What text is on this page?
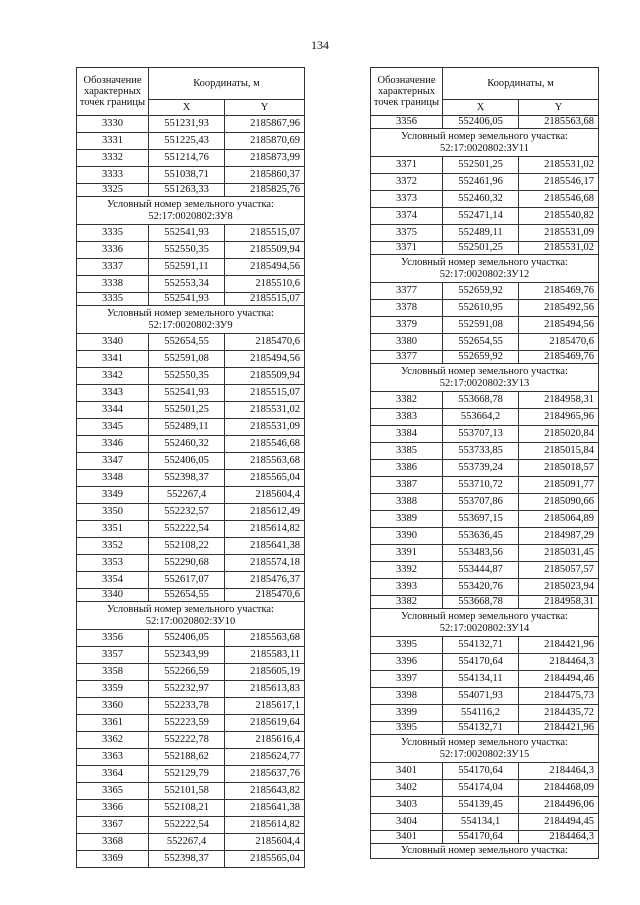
134
Обозначение характерных точек границы	Координаты, м	
	X	Y
3330	551231,93	2185867,96
3331	551225,43	2185870,69
3332	551214,76	2185873,99
3333	551038,71	2185860,37
3325	551263,33	2185825,76
Условный номер земельного участка: 52:17:0020802:ЗУ8		
3335	552541,93	2185515,07
3336	552550,35	2185509,94
3337	552591,11	2185494,56
3338	552553,34	2185510,6
3335	552541,93	2185515,07
Условный номер земельного участка: 52:17:0020802:ЗУ9		
3340	552654,55	2185470,6
3341	552591,08	2185494,56
3342	552550,35	2185509,94
3343	552541,93	2185515,07
3344	552501,25	2185531,02
3345	552489,11	2185531,09
3346	552460,32	2185546,68
3347	552406,05	2185563,68
3348	552398,37	2185565,04
3349	552267,4	2185604,4
3350	552232,57	2185612,49
3351	552222,54	2185614,82
3352	552108,22	2185641,38
3353	552290,68	2185574,18
3354	552617,07	2185476,37
3340	552654,55	2185470,6
Условный номер земельного участка: 52:17:0020802:ЗУ10		
3356	552406,05	2185563,68
3357	552343,99	2185583,11
3358	552266,59	2185605,19
3359	552232,97	2185613,83
3360	552233,78	2185617,1
3361	552223,59	2185619,64
3362	552222,78	2185616,4
3363	552188,62	2185624,77
3364	552129,79	2185637,76
3365	552101,58	2185643,82
3366	552108,21	2185641,38
3367	552222,54	2185614,82
3368	552267,4	2185604,4
3369	552398,37	2185565,04
Обозначение характерных точек границы	Координаты, м	
	X	Y
3356	552406,05	2185563,68
Условный номер земельного участка: 52:17:0020802:ЗУ11		
3371	552501,25	2185531,02
3372	552461,96	2185546,17
3373	552460,32	2185546,68
3374	552471,14	2185540,82
3375	552489,11	2185531,09
3371	552501,25	2185531,02
Условный номер земельного участка: 52:17:0020802:ЗУ12		
3377	552659,92	2185469,76
3378	552610,95	2185492,56
3379	552591,08	2185494,56
3380	552654,55	2185470,6
3377	552659,92	2185469,76
Условный номер земельного участка: 52:17:0020802:ЗУ13		
3382	553668,78	2184958,31
3383	553664,2	2184965,96
3384	553707,13	2185020,84
3385	553733,85	2185015,84
3386	553739,24	2185018,57
3387	553710,72	2185091,77
3388	553707,86	2185090,66
3389	553697,15	2185064,89
3390	553636,45	2184987,29
3391	553483,56	2185031,45
3392	553444,87	2185057,57
3393	553420,76	2185023,94
3382	553668,78	2184958,31
Условный номер земельного участка: 52:17:0020802:ЗУ14		
3395	554132,71	2184421,96
3396	554170,64	2184464,3
3397	554134,11	2184494,46
3398	554071,93	2184475,73
3399	554116,2	2184435,72
3395	554132,71	2184421,96
Условный номер земельного участка: 52:17:0020802:ЗУ15		
3401	554170,64	2184464,3
3402	554174,04	2184468,09
3403	554139,45	2184496,06
3404	554134,1	2184494,45
3401	554170,64	2184464,3
Условный номер земельного участка:		
